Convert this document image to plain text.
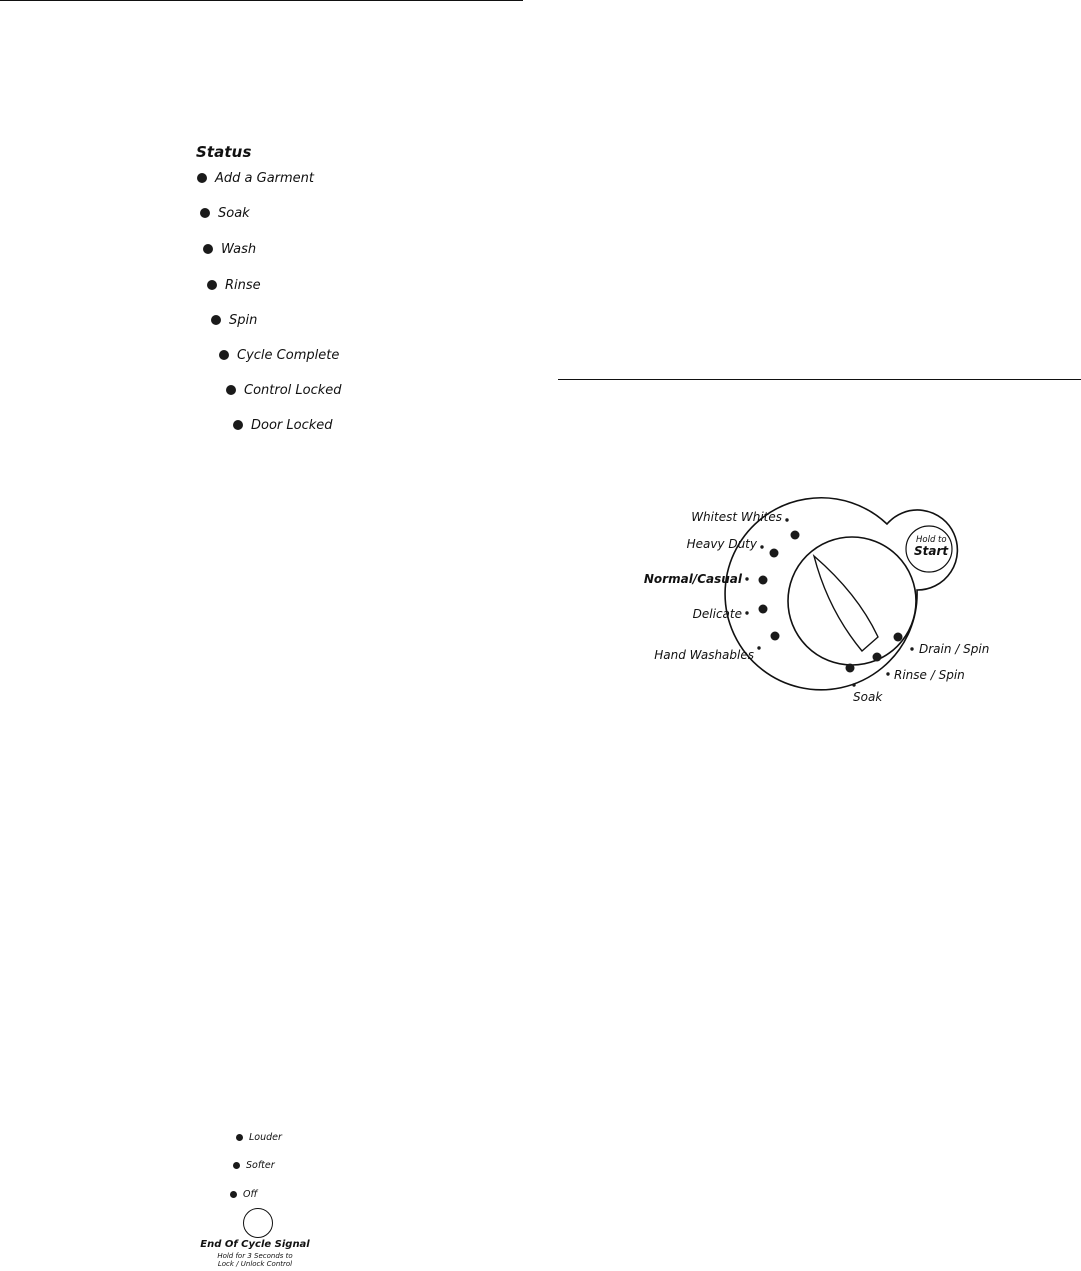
Status
Add a Garment
Soak
Wash
Rinse
Spin
Cycle Complete
Control Locked
Door Locked
Louder
Softer
Off
End Of Cycle Signal
Hold for 3 Seconds to
Lock / Unlock Control
Hold to
Start
Whitest Whites
Heavy Duty
Normal/Casual
Delicate
Hand Washables	Drain / Spin
Rinse / Spin
Soak
